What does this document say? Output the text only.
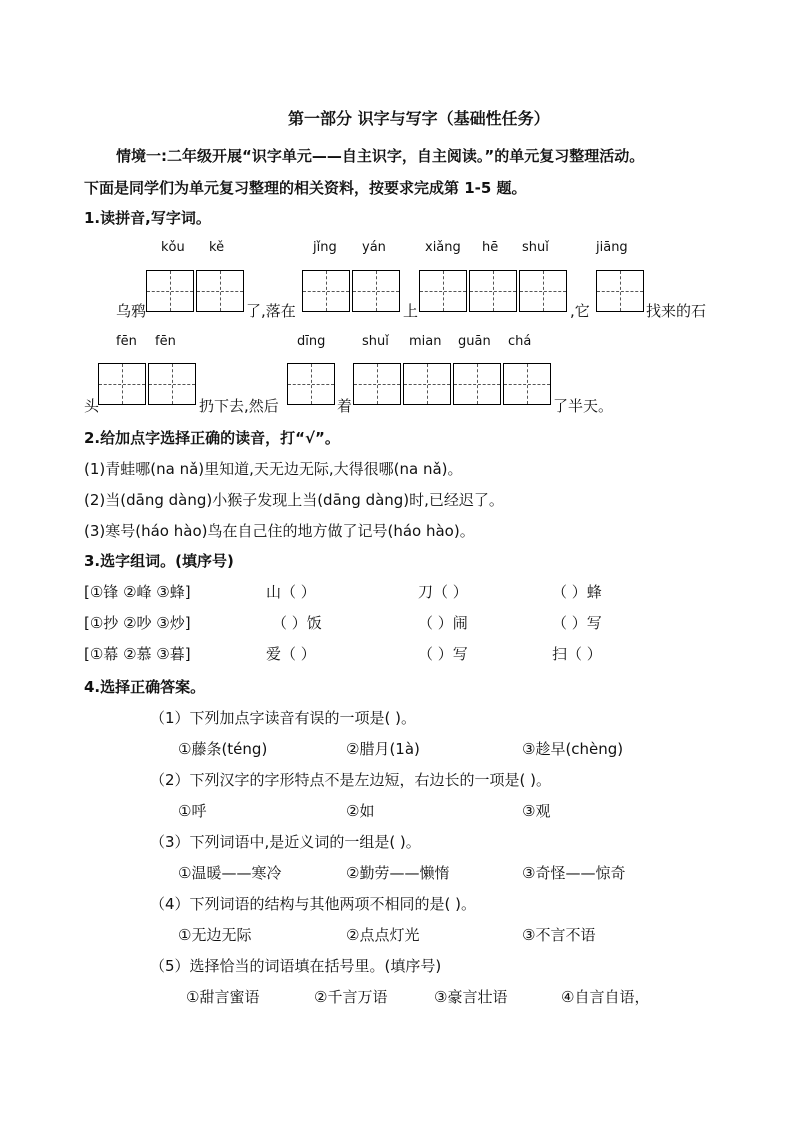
第一部分 识字与写字（基础性任务）
情境一:二年级开展“识字单元——自主识字，自主阅读。”的单元复习整理活动。
下面是同学们为单元复习整理的相关资料，按要求完成第 1-5 题。
1.读拼音,写字词。
kǒu kě	jǐng yán	xiǎng hē shuǐ	jiāng
乌鸦	了,落在	上	,它	找来的石
fēn fēn	dīng	shuǐ mian guān chá
头	扔下去,然后	着	了半天。
2.给加点字选择正确的读音，打“√”。
(1)青蛙哪(na nǎ)里知道,天无边无际,大得很哪(na nǎ)。
(2)当(dāng dàng)小猴子发现上当(dāng dàng)时,已经迟了。
(3)寒号(háo hào)鸟在自己住的地方做了记号(háo hào)。
3.选字组词。(填序号)
[①锋 ②峰 ③蜂]	山（ ）	刀（ ）	（ ）蜂
[①抄 ②吵 ③炒]	（ ）饭	（ ）闹	（ ）写
[①幕 ②慕 ③暮]	爱（ ）	（ ）写	扫（ ）
4.选择正确答案。
（1）下列加点字读音有误的一项是( )。
①藤条(téng)	②腊月(1à)	③趁早(chèng)
（2）下列汉字的字形特点不是左边短，右边长的一项是( )。
①呼	②如	③观
（3）下列词语中,是近义词的一组是( )。
①温暖——寒冷	②勤劳——懒惰	③奇怪——惊奇
（4）下列词语的结构与其他两项不相同的是( )。
①无边无际	②点点灯光	③不言不语
（5）选择恰当的词语填在括号里。(填序号)
①甜言蜜语	②千言万语	③豪言壮语	④自言自语，
